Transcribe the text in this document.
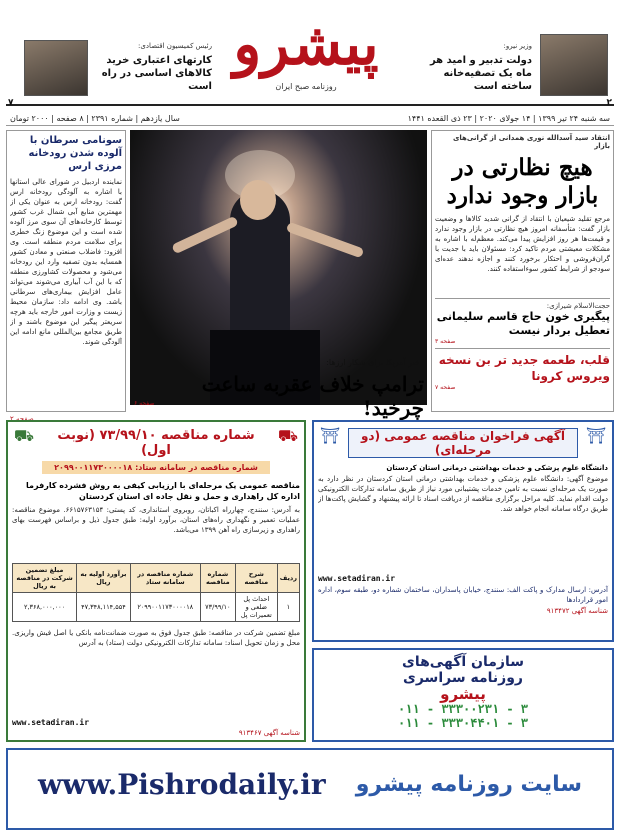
۲
وزیر نیرو:
دولت تدبیر و امید هر ماه یک تصفیه‌خانه ساخته است
پیشرو
روزنامه صبح ایران
۷
رئیس کمیسیون اقتصادی:
کارتهای اعتباری خرید کالاهای اساسی در راه است
سه شنبه ۲۴ تیر ۱۳۹۹ | ۱۴ جولای ۲۰۲۰ | ۲۳ ذی القعده ۱۴۴۱
سال یازدهم | شماره ۲۳۹۱ | ۸ صفحه | ۲۰۰۰ تومان
سونامی سرطان با آلوده شدن رودخانه مرزی ارس
نماینده اردبیل در شورای عالی استانها با اشاره به آلودگی رودخانه ارس گفت: رودخانه ارس به عنوان یکی از مهمترین منابع آبی شمال غرب کشور توسط کارخانه‌های آن سوی مرز آلوده شده است و این موضوع زنگ خطری برای سلامت مردم منطقه است. وی افزود: فاضلاب صنعتی و معادن کشور همسایه بدون تصفیه وارد این رودخانه می‌شود و محصولات کشاورزی منطقه که با این آب آبیاری می‌شوند می‌تواند عامل افزایش بیماری‌های سرطانی باشد. وی ادامه داد: سازمان محیط زیست و وزارت امور خارجه باید هرچه سریعتر پیگیر این موضوع باشند و از طریق مجامع بین‌المللی مانع ادامه این آلودگی شوند.
صفحه ۲
خبر آمریکا برای شکار ارزها:
ترامپ خلاف عقربه ساعت چرخید!
صفحه ۶
انتقاد سید آسدالله نوری همدانی از گرانی‌های بازار
هیچ نظارتی در بازار وجود ندارد
مرجع تقلید شیعیان با انتقاد از گرانی شدید کالاها و وضعیت بازار گفت: متأسفانه امروز هیچ نظارتی در بازار وجود ندارد و قیمت‌ها هر روز افزایش پیدا می‌کند. معظم‌له با اشاره به مشکلات معیشتی مردم تاکید کرد: مسئولان باید با جدیت با گران‌فروشی و احتکار برخورد کنند و اجازه ندهند عده‌ای سودجو از شرایط کشور سوءاستفاده کنند.
حجت‌الاسلام شیرازی:
پیگیری خون حاج قاسم سلیمانی تعطیل بردار نیست
صفحه ۳
قلب، طعمه جدید تر بن نسخه ویروس کرونا
صفحه ۷
⛩
⛩	آگهی فراخوان مناقصه عمومی (دو مرحله‌ای)
دانشگاه علوم پزشکی و خدمات بهداشتی درمانی استان کردستان
موضوع آگهی: دانشگاه علوم پزشکی و خدمات بهداشتی درمانی استان کردستان در نظر دارد به صورت یک مرحله‌ای نسبت به تامین خدمات پشتیبانی مورد نیاز از طریق سامانه تدارکات الکترونیکی دولت اقدام نماید. کلیه مراحل برگزاری مناقصه از دریافت اسناد تا ارائه پیشنهاد و گشایش پاکت‌ها از طریق درگاه سامانه انجام خواهد شد.
www.setadiran.ir
آدرس: ارسال مدارک و پاکت الف: سنندج، خیابان پاسداران، ساختمان شماره دو، طبقه سوم، اداره امور قراردادها
شناسه آگهی ۹۱۳۴۷۲
⛟
⛟	شماره مناقصه ۷۳/۹۹/۱۰ (نوبت اول)
شماره مناقصه در سامانه ستاد: ۲۰۹۹۰۰۱۱۷۳۰۰۰۰۱۸
مناقصه عمومی یک مرحله‌ای با ارزیابی کیفی به روش فشرده کارفرما اداره کل راهداری و حمل و نقل جاده ای استان کردستان
به آدرس: سنندج، چهارراه اکباتان، روبروی استانداری، کد پستی: ۶۶۱۵۷۶۳۱۵۴. موضوع مناقصه: عملیات تعمیر و نگهداری راه‌های استان، برآورد اولیه: طبق جدول ذیل و براساس فهرست بهای راهداری و زیرسازی راه آهن ۱۳۹۹ می‌باشد.
ردیف	شرح مناقصه	شماره مناقصه	شماره مناقصه در سامانه ستاد	برآورد اولیه به ریال	مبلغ تضمین شرکت در مناقصه به ریال
۱	احداث پل ضلعی و تعمیرات پل	۷۳/۹۹/۱۰	۲۰۹۹۰۰۱۱۷۳۰۰۰۰۱۸	۴۷,۳۴۸,۱۱۴,۵۵۴	۲,۳۶۸,۰۰۰,۰۰۰
مبلغ تضمین شرکت در مناقصه: طبق جدول فوق به صورت ضمانت‌نامه بانکی یا اصل فیش واریزی. محل و زمان تحویل اسناد: سامانه تدارکات الکترونیکی دولت (ستاد) به آدرس
www.setadiran.ir
شناسه آگهی ۹۱۳۴۶۷
سازمان آگهی‌های
روزنامه سراسری
پیشرو
۰۱۱ - ۳۳۳۰۰۲۳۱ - ۳
۰۱۱ - ۳۳۳۰۴۴۰۱ - ۳
www.Pishrodaily.ir سایت روزنامه پیشرو
